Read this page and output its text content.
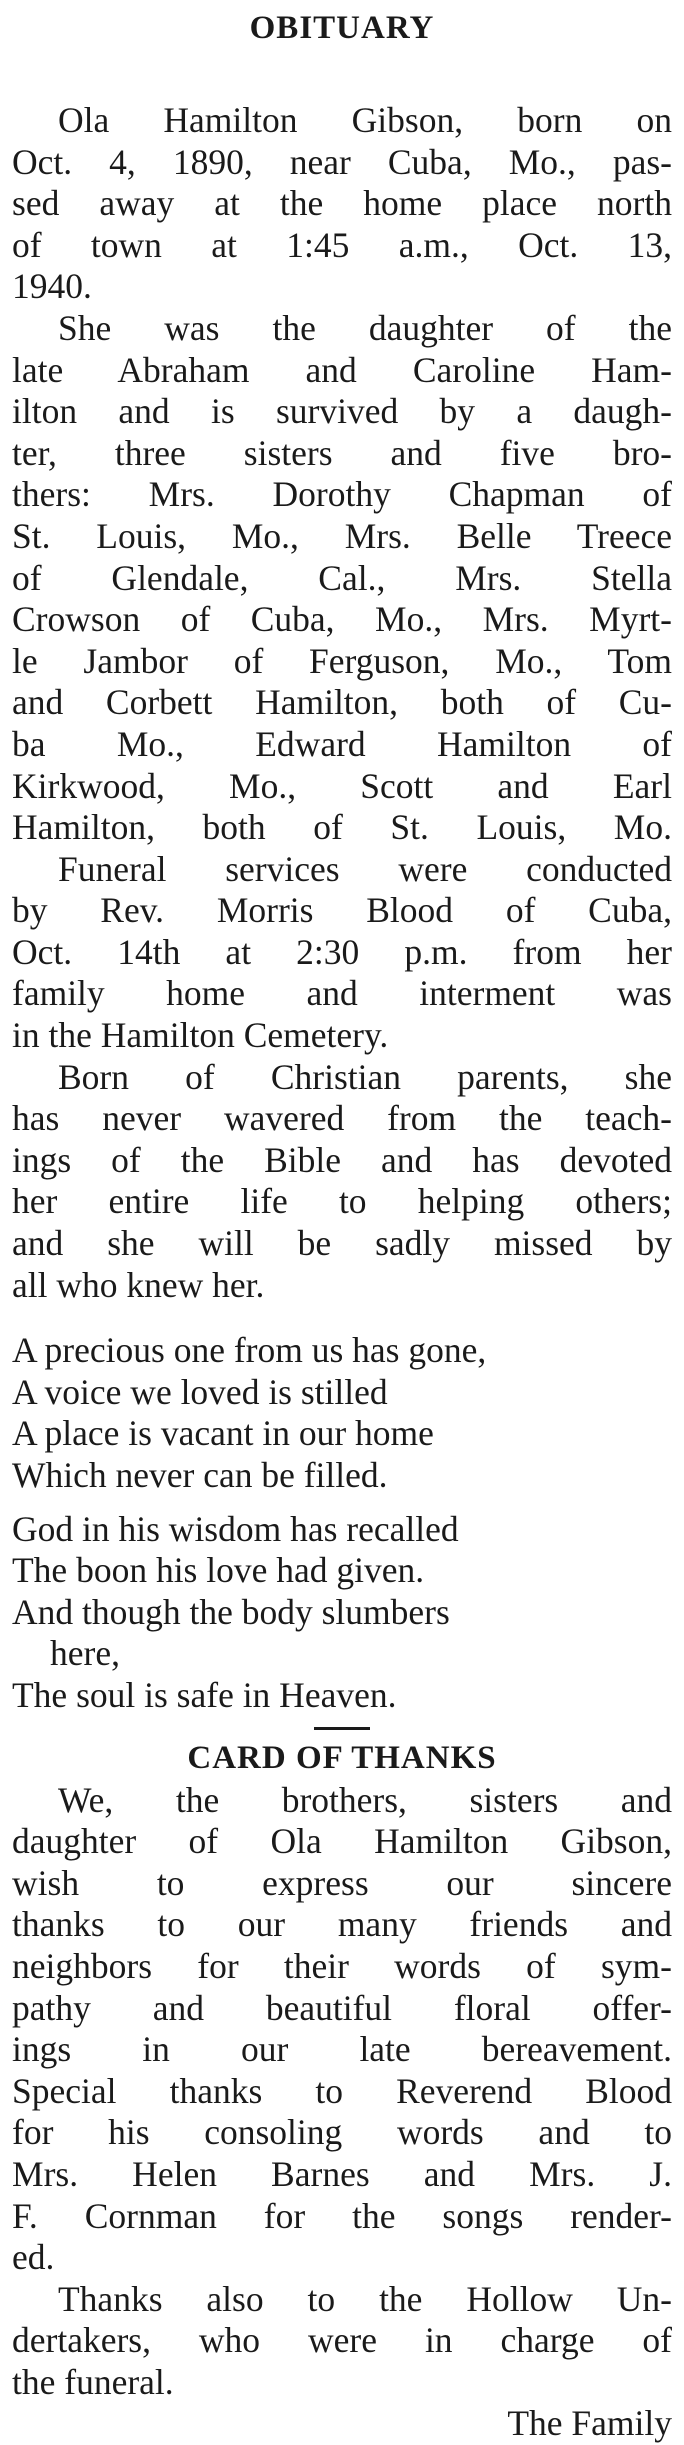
OBITUARY
Ola Hamilton Gibson, born on
Oct. 4, 1890, near Cuba, Mo., pas-
sed away at the home place north
of town at 1:45 a.m., Oct. 13,
1940.
She was the daughter of the
late Abraham and Caroline Ham-
ilton and is survived by a daugh-
ter, three sisters and five bro-
thers: Mrs. Dorothy Chapman of
St. Louis, Mo., Mrs. Belle Treece
of Glendale, Cal., Mrs. Stella
Crowson of Cuba, Mo., Mrs. Myrt-
le Jambor of Ferguson, Mo., Tom
and Corbett Hamilton, both of Cu-
ba Mo., Edward Hamilton of
Kirkwood, Mo., Scott and Earl
Hamilton, both of St. Louis, Mo.
Funeral services were conducted
by Rev. Morris Blood of Cuba,
Oct. 14th at 2:30 p.m. from her
family home and interment was
in the Hamilton Cemetery.
Born of Christian parents, she
has never wavered from the teach-
ings of the Bible and has devoted
her entire life to helping others;
and she will be sadly missed by
all who knew her.
A precious one from us has gone,
A voice we loved is stilled
A place is vacant in our home
Which never can be filled.
God in his wisdom has recalled
The boon his love had given.
And though the body slumbers
here,
The soul is safe in Heaven.
CARD OF THANKS
We, the brothers, sisters and
daughter of Ola Hamilton Gibson,
wish to express our sincere
thanks to our many friends and
neighbors for their words of sym-
pathy and beautiful floral offer-
ings in our late bereavement.
Special thanks to Reverend Blood
for his consoling words and to
Mrs. Helen Barnes and Mrs. J.
F. Cornman for the songs render-
ed.
Thanks also to the Hollow Un-
dertakers, who were in charge of
the funeral.
The Family
